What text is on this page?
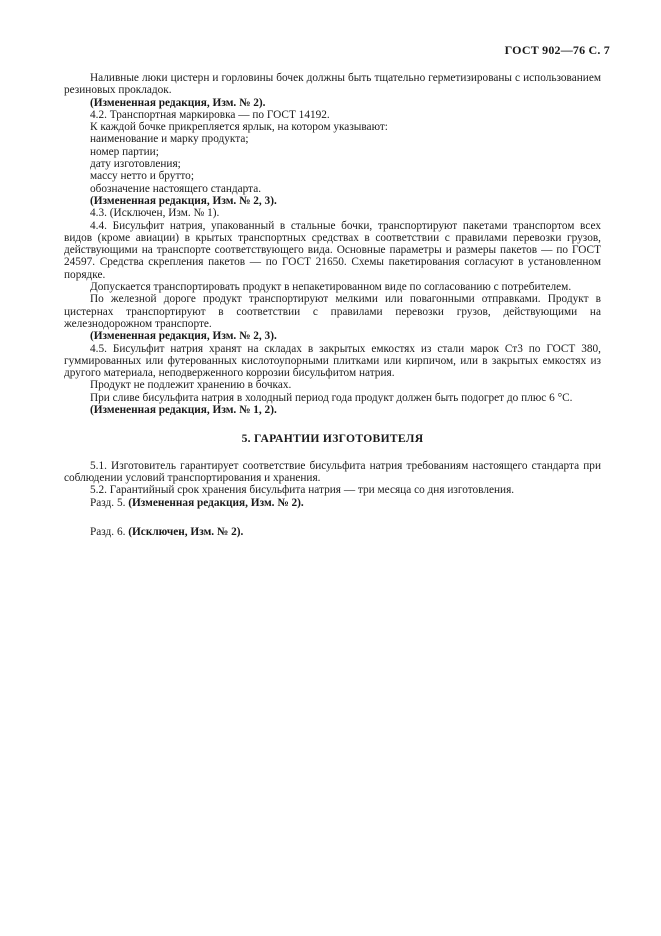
ГОСТ 902—76 С. 7

Наливные люки цистерн и горловины бочек должны быть тщательно герметизированы с использованием резиновых прокладок.

(Измененная редакция, Изм. № 2).

4.2. Транспортная маркировка — по ГОСТ 14192.

К каждой бочке прикрепляется ярлык, на котором указывают:

наименование и марку продукта;

номер партии;

дату изготовления;

массу нетто и брутто;

обозначение настоящего стандарта.

(Измененная редакция, Изм. № 2, 3).

4.3. (Исключен, Изм. № 1).

4.4. Бисульфит натрия, упакованный в стальные бочки, транспортируют пакетами транспортом всех видов (кроме авиации) в крытых транспортных средствах в соответствии с правилами перевозки грузов, действующими на транспорте соответствующего вида. Основные параметры и размеры пакетов — по ГОСТ 24597. Средства скрепления пакетов — по ГОСТ 21650. Схемы пакетирования согласуют в установленном порядке.

Допускается транспортировать продукт в непакетированном виде по согласованию с потребителем.

По железной дороге продукт транспортируют мелкими или повагонными отправками. Продукт в цистернах транспортируют в соответствии с правилами перевозки грузов, действующими на железнодорожном транспорте.

(Измененная редакция, Изм. № 2, 3).

4.5. Бисульфит натрия хранят на складах в закрытых емкостях из стали марок Ст3 по ГОСТ 380, гуммированных или футерованных кислотоупорными плитками или кирпичом, или в закрытых емкостях из другого материала, неподверженного коррозии бисульфитом натрия.

Продукт не подлежит хранению в бочках.

При сливе бисульфита натрия в холодный период года продукт должен быть подогрет до плюс 6 °С.

(Измененная редакция, Изм. № 1, 2).

5. ГАРАНТИИ ИЗГОТОВИТЕЛЯ

5.1. Изготовитель гарантирует соответствие бисульфита натрия требованиям настоящего стандарта при соблюдении условий транспортирования и хранения.

5.2. Гарантийный срок хранения бисульфита натрия — три месяца со дня изготовления.

Разд. 5. (Измененная редакция, Изм. № 2).

Разд. 6. (Исключен, Изм. № 2).
